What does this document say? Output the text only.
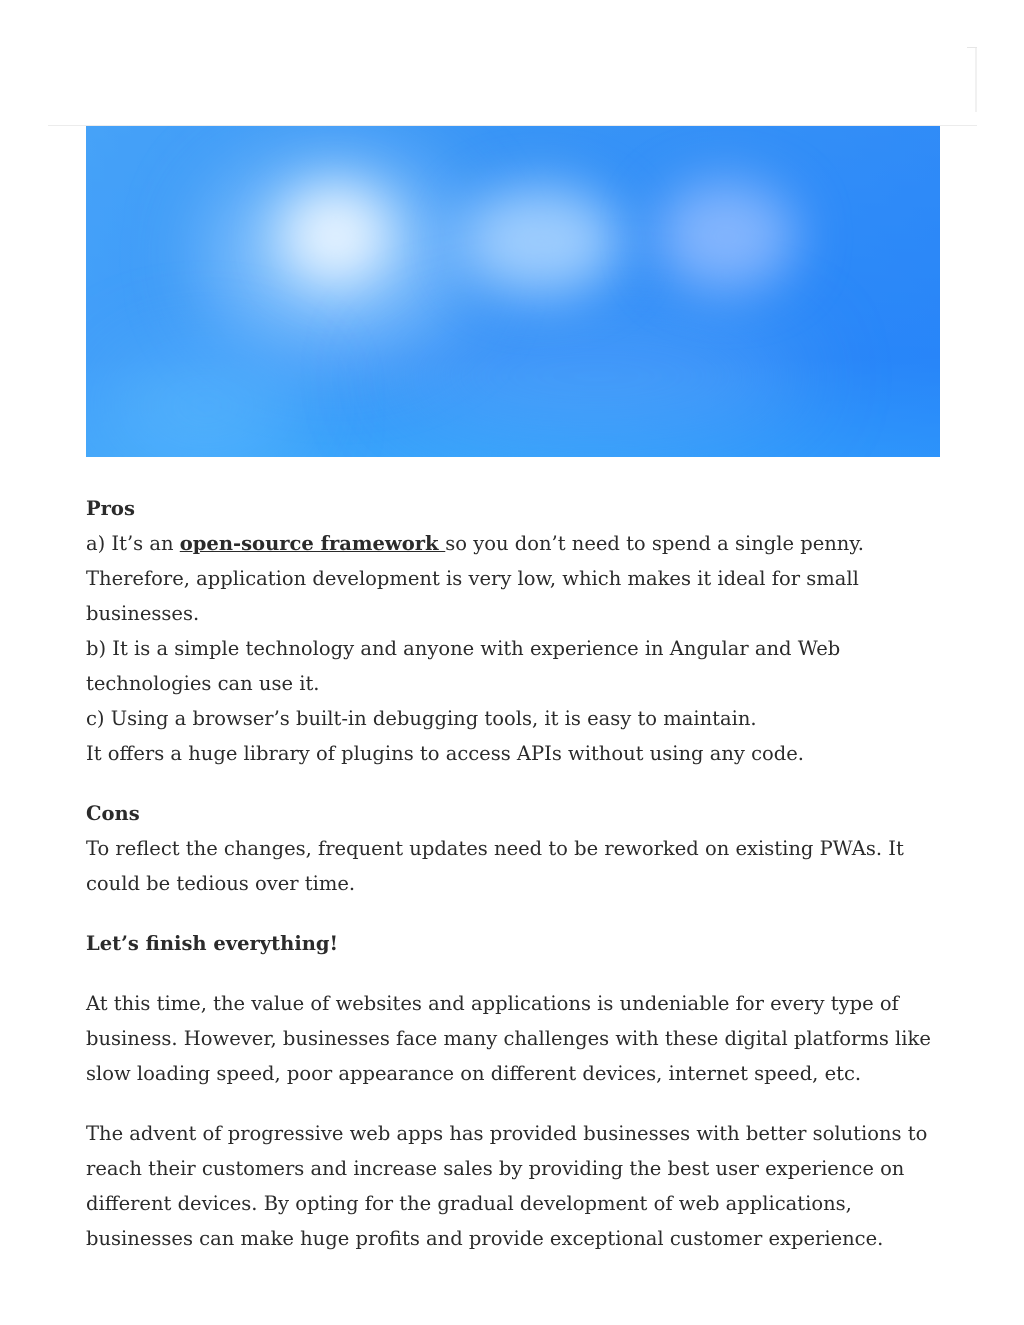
Pros

a) It’s an open-source framework so you don’t need to spend a single penny. Therefore, application development is very low, which makes it ideal for small businesses.

b) It is a simple technology and anyone with experience in Angular and Web technologies can use it.

c) Using a browser’s built-in debugging tools, it is easy to maintain.

It offers a huge library of plugins to access APIs without using any code.

Cons

To reflect the changes, frequent updates need to be reworked on existing PWAs. It could be tedious over time.

Let’s finish everything!

At this time, the value of websites and applications is undeniable for every type of business. However, businesses face many challenges with these digital platforms like slow loading speed, poor appearance on different devices, internet speed, etc.

The advent of progressive web apps has provided businesses with better solutions to reach their customers and increase sales by providing the best user experience on different devices. By opting for the gradual development of web applications, businesses can make huge profits and provide exceptional customer experience.
